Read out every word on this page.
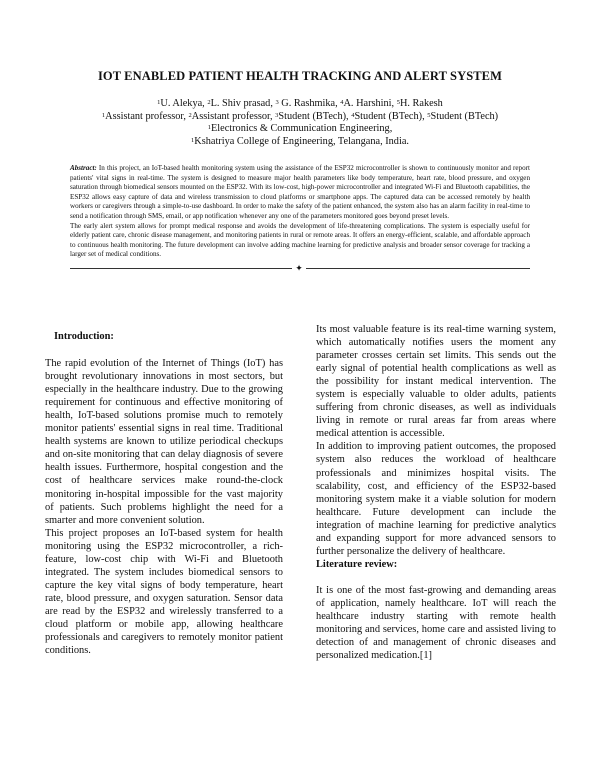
IOT ENABLED PATIENT HEALTH TRACKING AND ALERT SYSTEM
$^1$U. Alekya, $^2$L. Shiv prasad, $^3$ G. Rashmika, $^4$A. Harshini, $^5$H. Rakesh
$^1$Assistant professor, $^2$Assistant professor, $^3$Student (BTech), $^4$Student (BTech), $^5$Student (BTech)
$^1$Electronics & Communication Engineering,
$^1$Kshatriya College of Engineering, Telangana, India.

Abstract: In this project, an IoT-based health monitoring system using the assistance of the ESP32 microcontroller is shown to continuously monitor and report patients' vital signs in real-time. The system is designed to measure major health parameters like body temperature, heart rate, blood pressure, and oxygen saturation through biomedical sensors mounted on the ESP32. With its low-cost, high-power microcontroller and integrated Wi-Fi and Bluetooth capabilities, the ESP32 allows easy capture of data and wireless transmission to cloud platforms or smartphone apps. The captured data can be accessed remotely by health workers or caregivers through a simple-to-use dashboard. In order to make the safety of the patient enhanced, the system also has an alarm facility in real-time to send a notification through SMS, email, or app notification whenever any one of the parameters monitored goes beyond preset levels.

The early alert system allows for prompt medical response and avoids the development of life-threatening complications. The system is especially useful for elderly patient care, chronic disease management, and monitoring patients in rural or remote areas. It offers an energy-efficient, scalable, and affordable approach to continuous health monitoring. The future development can involve adding machine learning for predictive analysis and broader sensor coverage for tracking a larger set of medical conditions.

✦

Introduction:

The rapid evolution of the Internet of Things (IoT) has brought revolutionary innovations in most sectors, but especially in the healthcare industry. Due to the growing requirement for continuous and effective monitoring of health, IoT-based solutions promise much to remotely monitor patients' essential signs in real time. Traditional health systems are known to utilize periodical checkups and on-site monitoring that can delay diagnosis of severe health issues. Furthermore, hospital congestion and the cost of healthcare services make round-the-clock monitoring in-hospital impossible for the vast majority of patients. Such problems highlight the need for a smarter and more convenient solution.

This project proposes an IoT-based system for health monitoring using the ESP32 microcontroller, a rich-feature, low-cost chip with Wi-Fi and Bluetooth integrated. The system includes biomedical sensors to capture the key vital signs of body temperature, heart rate, blood pressure, and oxygen saturation. Sensor data are read by the ESP32 and wirelessly transferred to a cloud platform or mobile app, allowing healthcare professionals and caregivers to remotely monitor patient conditions.

Its most valuable feature is its real-time warning system, which automatically notifies users the moment any parameter crosses certain set limits. This sends out the early signal of potential health complications as well as the possibility for instant medical intervention. The system is especially valuable to older adults, patients suffering from chronic diseases, as well as individuals living in remote or rural areas far from areas where medical attention is accessible.

In addition to improving patient outcomes, the proposed system also reduces the workload of healthcare professionals and minimizes hospital visits. The scalability, cost, and efficiency of the ESP32-based monitoring system make it a viable solution for modern healthcare. Future development can include the integration of machine learning for predictive analytics and expanding support for more advanced sensors to further personalize the delivery of healthcare.

Literature review:

It is one of the most fast-growing and demanding areas of application, namely healthcare. IoT will reach the healthcare industry starting with remote health monitoring and services, home care and assisted living to detection of and management of chronic diseases and personalized medication.[1]
